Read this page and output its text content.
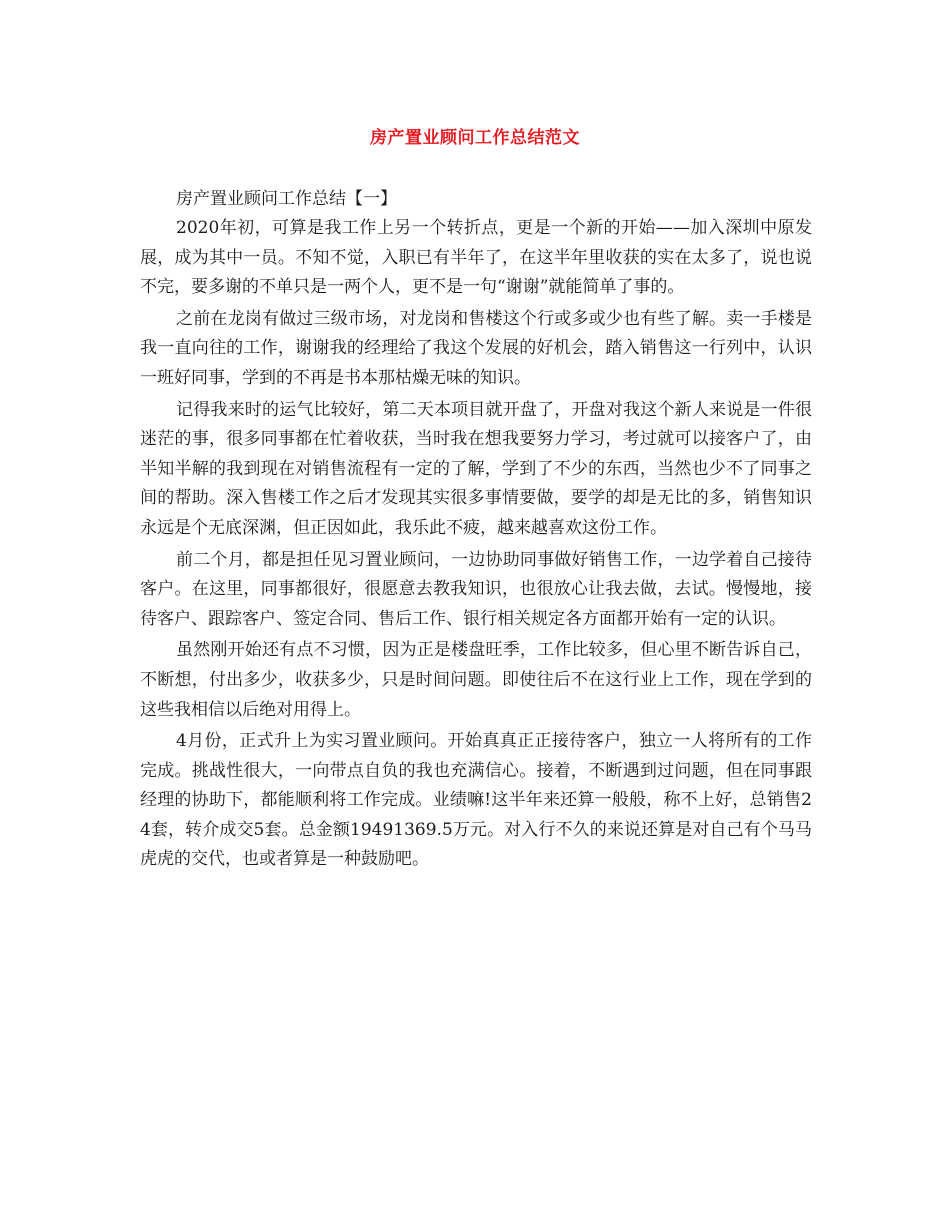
房产置业顾问工作总结范文

房产置业顾问工作总结【一】

2020年初，可算是我工作上另一个转折点，更是一个新的开始——加入深圳中原发展，成为其中一员。不知不觉，入职已有半年了，在这半年里收获的实在太多了，说也说不完，要多谢的不单只是一两个人，更不是一句“谢谢”就能简单了事的。

之前在龙岗有做过三级市场，对龙岗和售楼这个行或多或少也有些了解。卖一手楼是我一直向往的工作，谢谢我的经理给了我这个发展的好机会，踏入销售这一行列中，认识一班好同事，学到的不再是书本那枯燥无味的知识。

记得我来时的运气比较好，第二天本项目就开盘了，开盘对我这个新人来说是一件很迷茫的事，很多同事都在忙着收获，当时我在想我要努力学习，考过就可以接客户了，由半知半解的我到现在对销售流程有一定的了解，学到了不少的东西，当然也少不了同事之间的帮助。深入售楼工作之后才发现其实很多事情要做，要学的却是无比的多，销售知识永远是个无底深渊，但正因如此，我乐此不疲，越来越喜欢这份工作。

前二个月，都是担任见习置业顾问，一边协助同事做好销售工作，一边学着自己接待客户。在这里，同事都很好，很愿意去教我知识，也很放心让我去做，去试。慢慢地，接待客户、跟踪客户、签定合同、售后工作、银行相关规定各方面都开始有一定的认识。

虽然刚开始还有点不习惯，因为正是楼盘旺季，工作比较多，但心里不断告诉自己，不断想，付出多少，收获多少，只是时间问题。即使往后不在这行业上工作，现在学到的这些我相信以后绝对用得上。

4月份，正式升上为实习置业顾问。开始真真正正接待客户，独立一人将所有的工作完成。挑战性很大，一向带点自负的我也充满信心。接着，不断遇到过问题，但在同事跟经理的协助下，都能顺利将工作完成。业绩嘛!这半年来还算一般般，称不上好，总销售24套，转介成交5套。总金额19491369.5万元。对入行不久的来说还算是对自己有个马马虎虎的交代，也或者算是一种鼓励吧。
